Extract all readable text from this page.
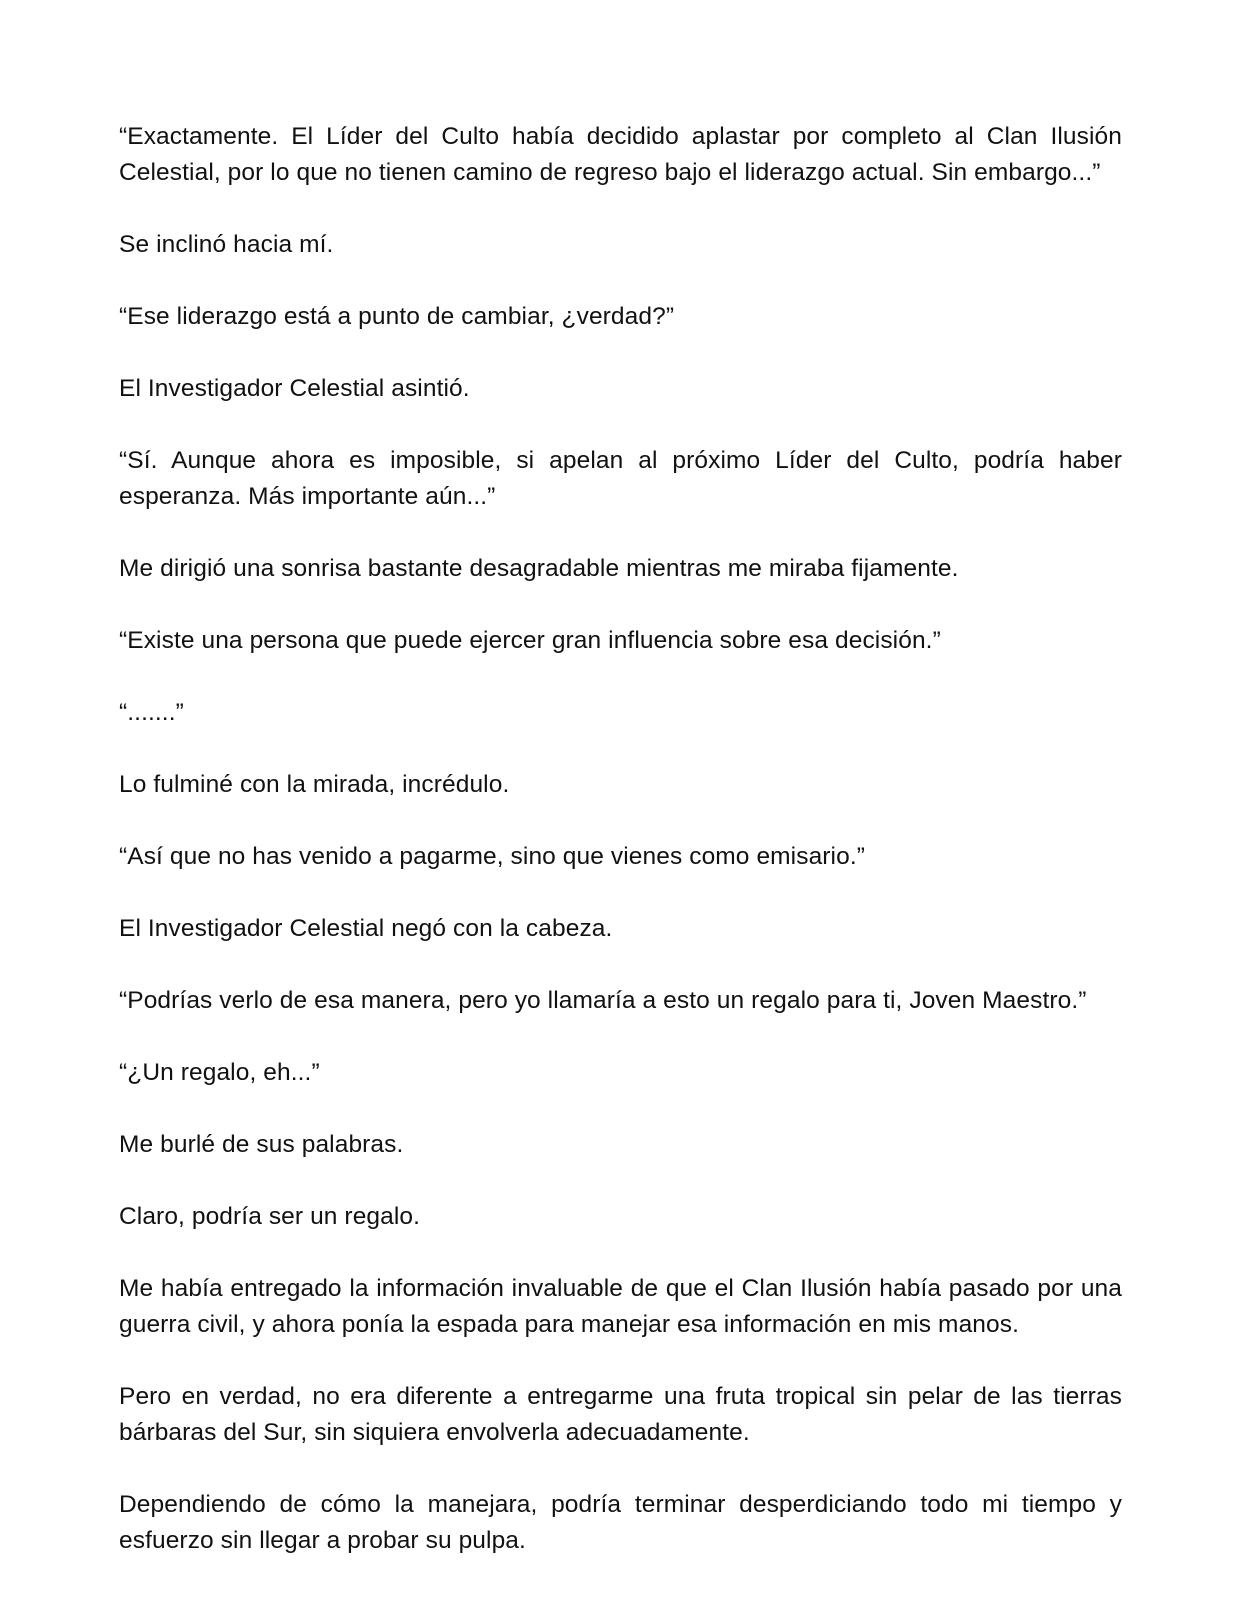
“Exactamente. El Líder del Culto había decidido aplastar por completo al Clan Ilusión Celestial, por lo que no tienen camino de regreso bajo el liderazgo actual. Sin embargo...”

Se inclinó hacia mí.

“Ese liderazgo está a punto de cambiar, ¿verdad?”

El Investigador Celestial asintió.

“Sí. Aunque ahora es imposible, si apelan al próximo Líder del Culto, podría haber esperanza. Más importante aún...”

Me dirigió una sonrisa bastante desagradable mientras me miraba fijamente.

“Existe una persona que puede ejercer gran influencia sobre esa decisión.”

“.......”

Lo fulminé con la mirada, incrédulo.

“Así que no has venido a pagarme, sino que vienes como emisario.”

El Investigador Celestial negó con la cabeza.

“Podrías verlo de esa manera, pero yo llamaría a esto un regalo para ti, Joven Maestro.”

“¿Un regalo, eh...”

Me burlé de sus palabras.

Claro, podría ser un regalo.

Me había entregado la información invaluable de que el Clan Ilusión había pasado por una guerra civil, y ahora ponía la espada para manejar esa información en mis manos.

Pero en verdad, no era diferente a entregarme una fruta tropical sin pelar de las tierras bárbaras del Sur, sin siquiera envolverla adecuadamente.

Dependiendo de cómo la manejara, podría terminar desperdiciando todo mi tiempo y esfuerzo sin llegar a probar su pulpa.
